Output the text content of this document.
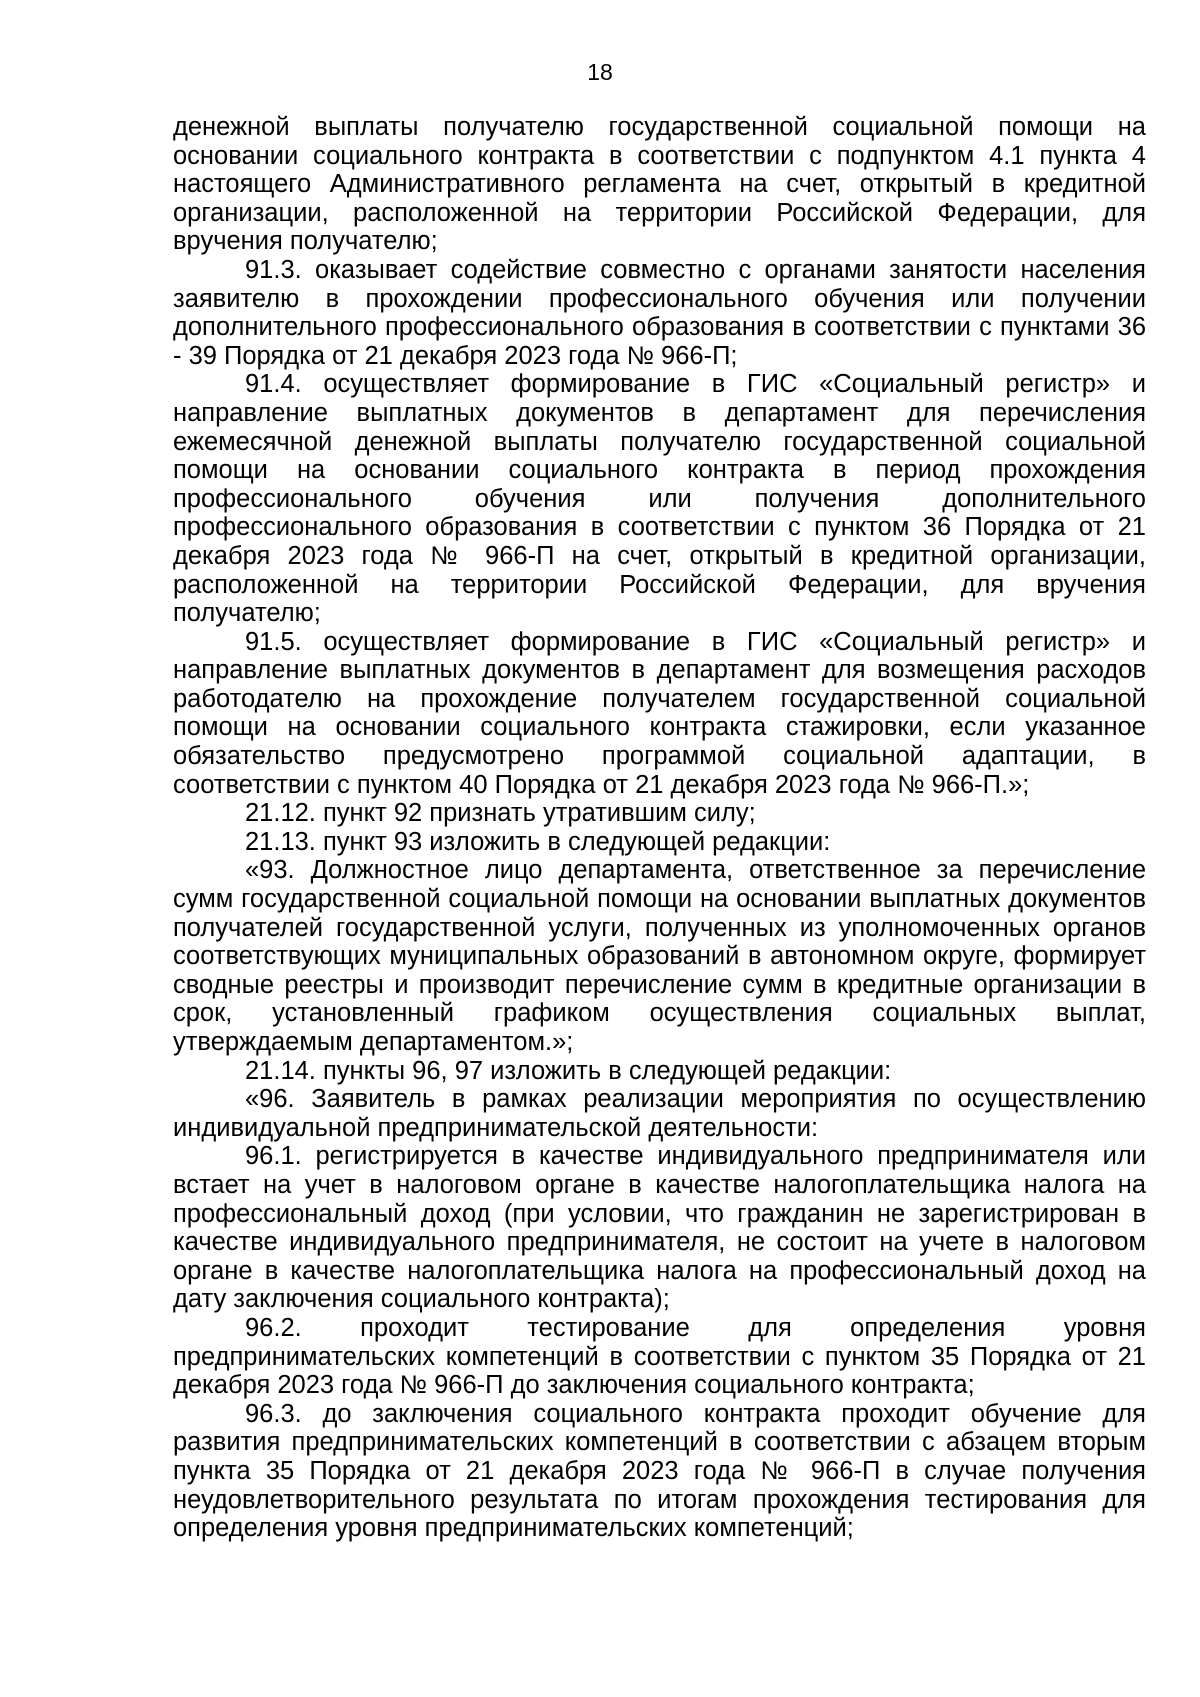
18

денежной выплаты получателю государственной социальной помощи на основании социального контракта в соответствии с подпунктом 4.1 пункта 4 настоящего Административного регламента на счет, открытый в кредитной организации, расположенной на территории Российской Федерации, для вручения получателю;

91.3. оказывает содействие совместно с органами занятости населения заявителю в прохождении профессионального обучения или получении дополнительного профессионального образования в соответствии с пунктами 36 - 39 Порядка от 21 декабря 2023 года № 966-П;

91.4. осуществляет формирование в ГИС «Социальный регистр» и направление выплатных документов в департамент для перечисления ежемесячной денежной выплаты получателю государственной социальной помощи на основании социального контракта в период прохождения профессионального обучения или получения дополнительного профессионального образования в соответствии с пунктом 36 Порядка от 21 декабря 2023 года № 966-П на счет, открытый в кредитной организации, расположенной на территории Российской Федерации, для вручения получателю;

91.5. осуществляет формирование в ГИС «Социальный регистр» и направление выплатных документов в департамент для возмещения расходов работодателю на прохождение получателем государственной социальной помощи на основании социального контракта стажировки, если указанное обязательство предусмотрено программой социальной адаптации, в соответствии с пунктом 40 Порядка от 21 декабря 2023 года № 966-П.»;

21.12. пункт 92 признать утратившим силу;

21.13. пункт 93 изложить в следующей редакции:

«93. Должностное лицо департамента, ответственное за перечисление сумм государственной социальной помощи на основании выплатных документов получателей государственной услуги, полученных из уполномоченных органов соответствующих муниципальных образований в автономном округе, формирует сводные реестры и производит перечисление сумм в кредитные организации в срок, установленный графиком осуществления социальных выплат, утверждаемым департаментом.»;

21.14. пункты 96, 97 изложить в следующей редакции:

«96. Заявитель в рамках реализации мероприятия по осуществлению индивидуальной предпринимательской деятельности:

96.1. регистрируется в качестве индивидуального предпринимателя или встает на учет в налоговом органе в качестве налогоплательщика налога на профессиональный доход (при условии, что гражданин не зарегистрирован в качестве индивидуального предпринимателя, не состоит на учете в налоговом органе в качестве налогоплательщика налога на профессиональный доход на дату заключения социального контракта);

96.2. проходит тестирование для определения уровня предпринимательских компетенций в соответствии с пунктом 35 Порядка от 21 декабря 2023 года № 966-П до заключения социального контракта;

96.3. до заключения социального контракта проходит обучение для развития предпринимательских компетенций в соответствии с абзацем вторым пункта 35 Порядка от 21 декабря 2023 года № 966-П в случае получения неудовлетворительного результата по итогам прохождения тестирования для определения уровня предпринимательских компетенций;
